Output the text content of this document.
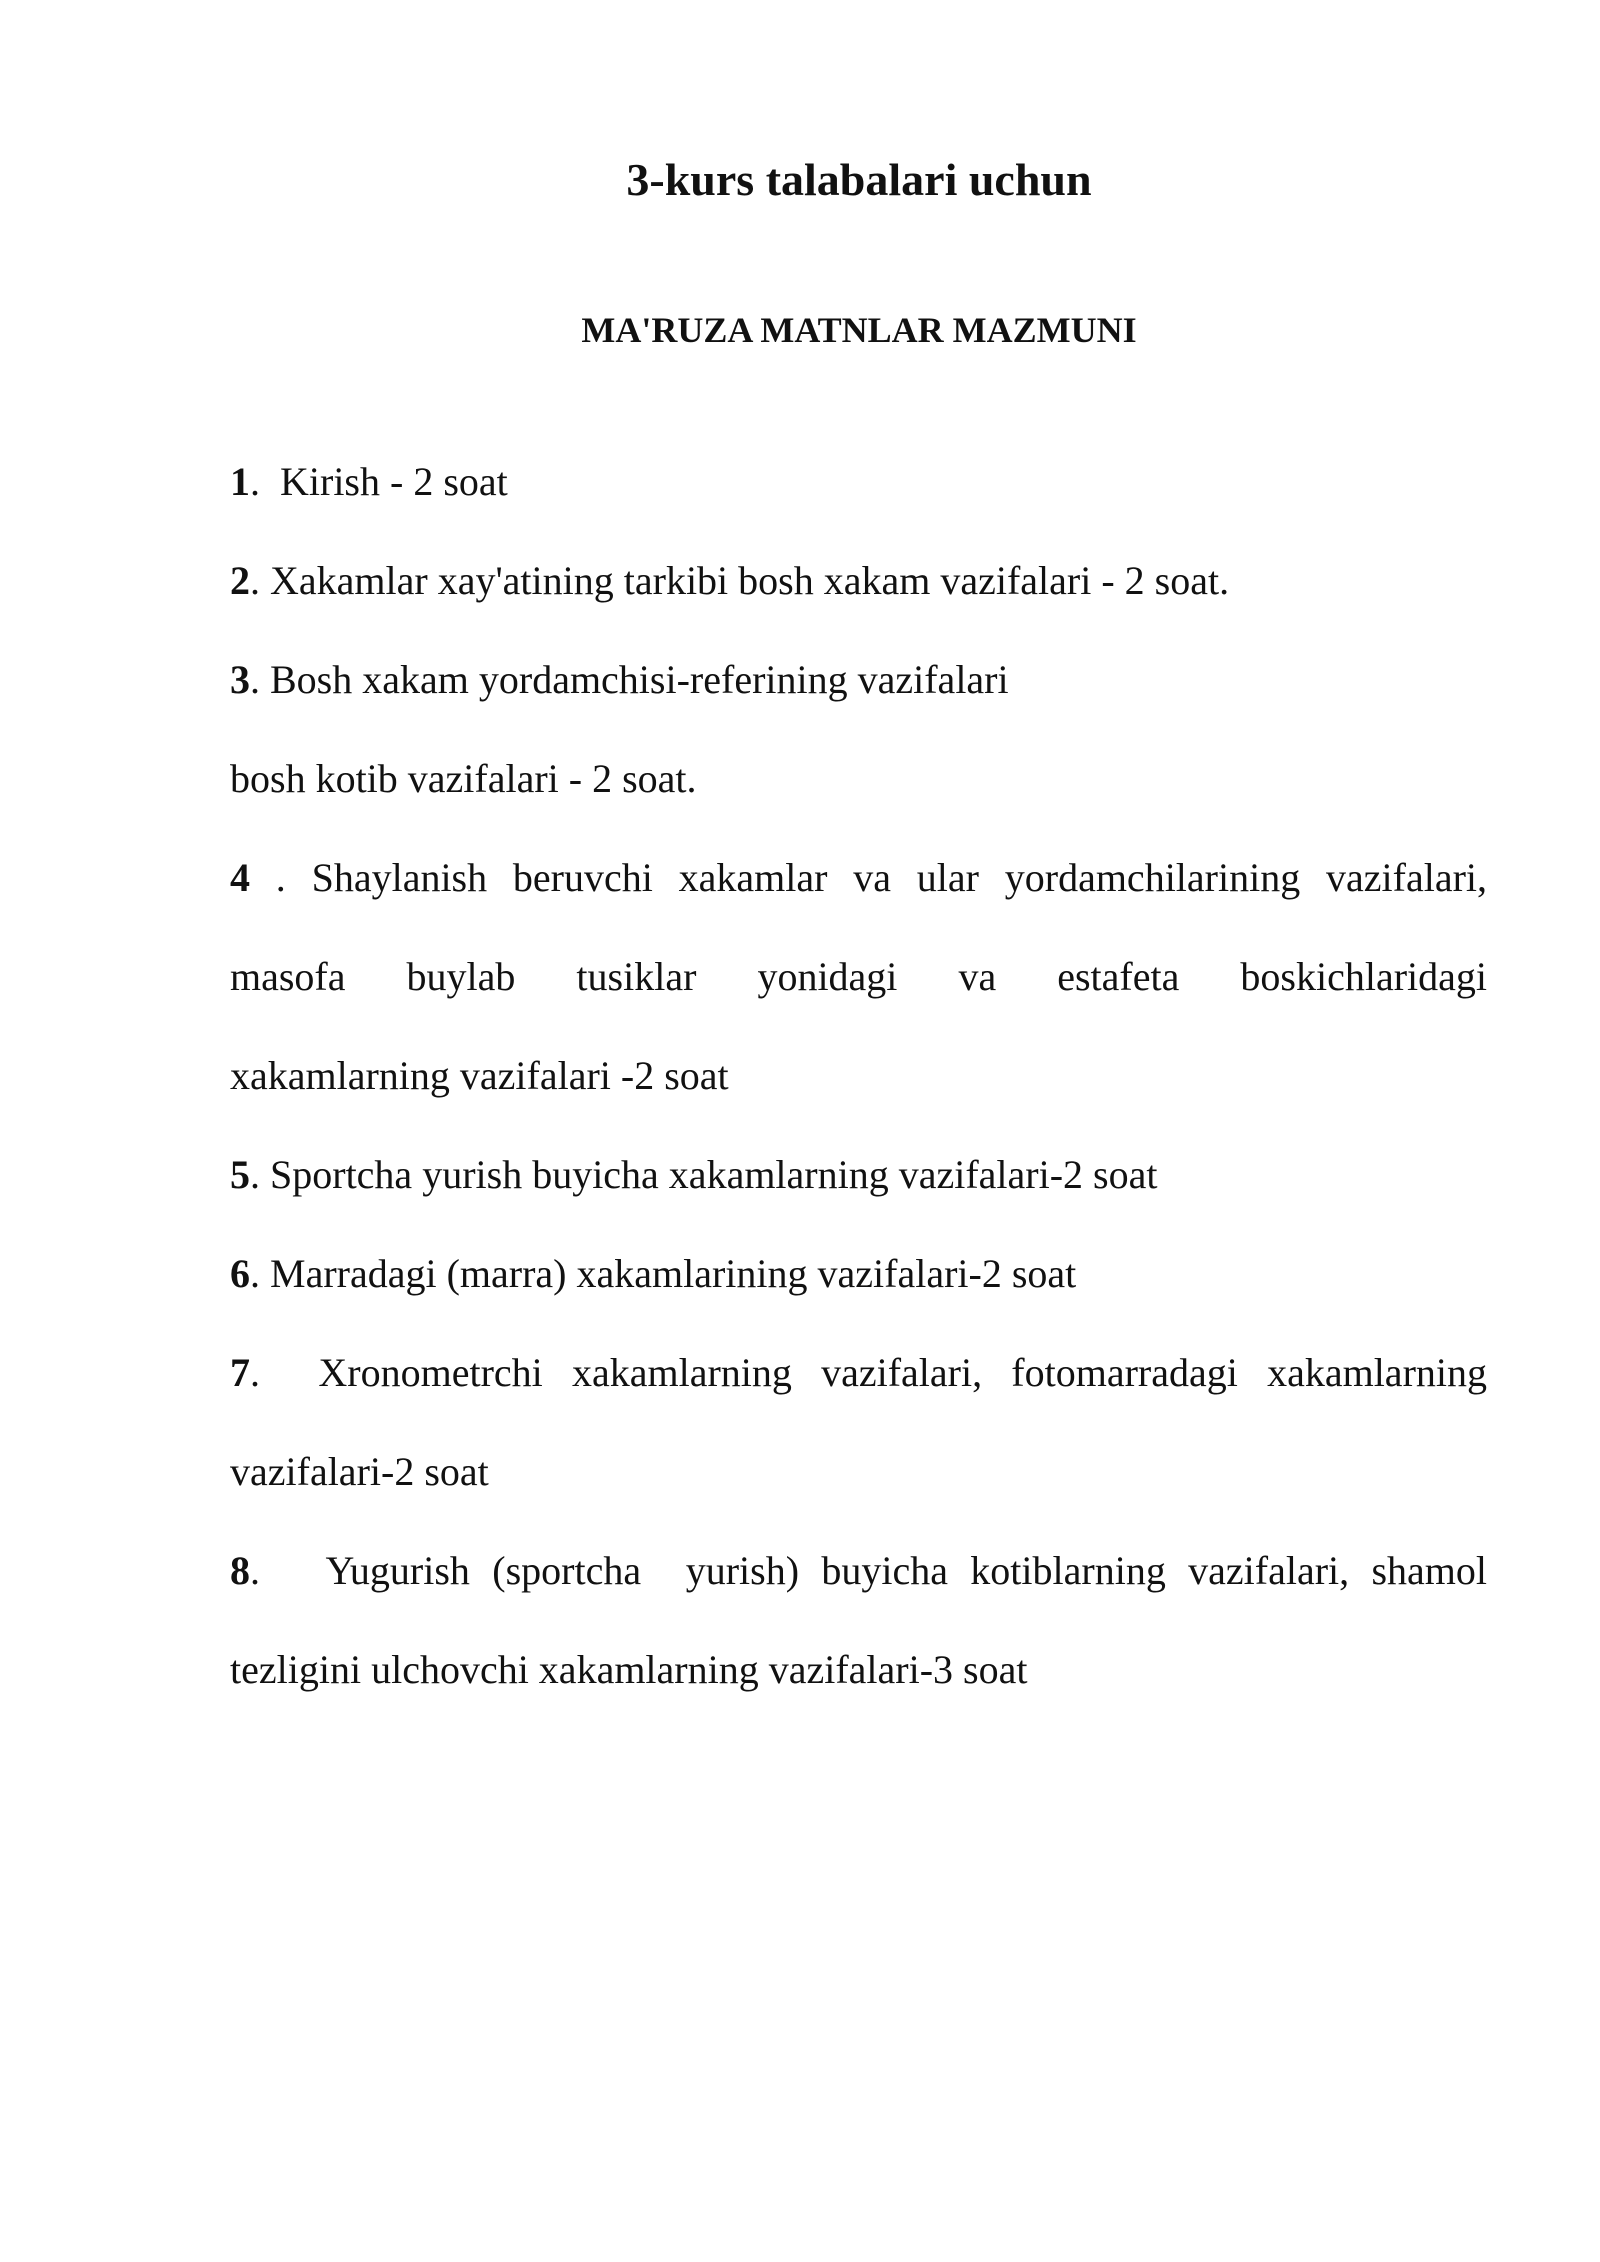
3-kurs talabalari uchun
MA'RUZA MATNLAR MAZMUNI
1.  Kirish - 2 soat
2. Xakamlar xay'atining tarkibi bosh xakam vazifalari - 2 soat.
3. Bosh xakam yordamchisi-referining vazifalari
bosh kotib vazifalari - 2 soat.
4 . Shaylanish beruvchi xakamlar va ular yordamchilarining vazifalari,
masofa buylab tusiklar yonidagi va estafeta boskichlaridagi
xakamlarning vazifalari -2 soat
5. Sportcha yurish buyicha xakamlarning vazifalari-2 soat
6. Marradagi (marra) xakamlarining vazifalari-2 soat
7.  Xronometrchi xakamlarning vazifalari, fotomarradagi xakamlarning
vazifalari-2 soat
8.   Yugurish (sportcha  yurish) buyicha kotiblarning vazifalari, shamol
tezligini ulchovchi xakamlarning vazifalari-3 soat
